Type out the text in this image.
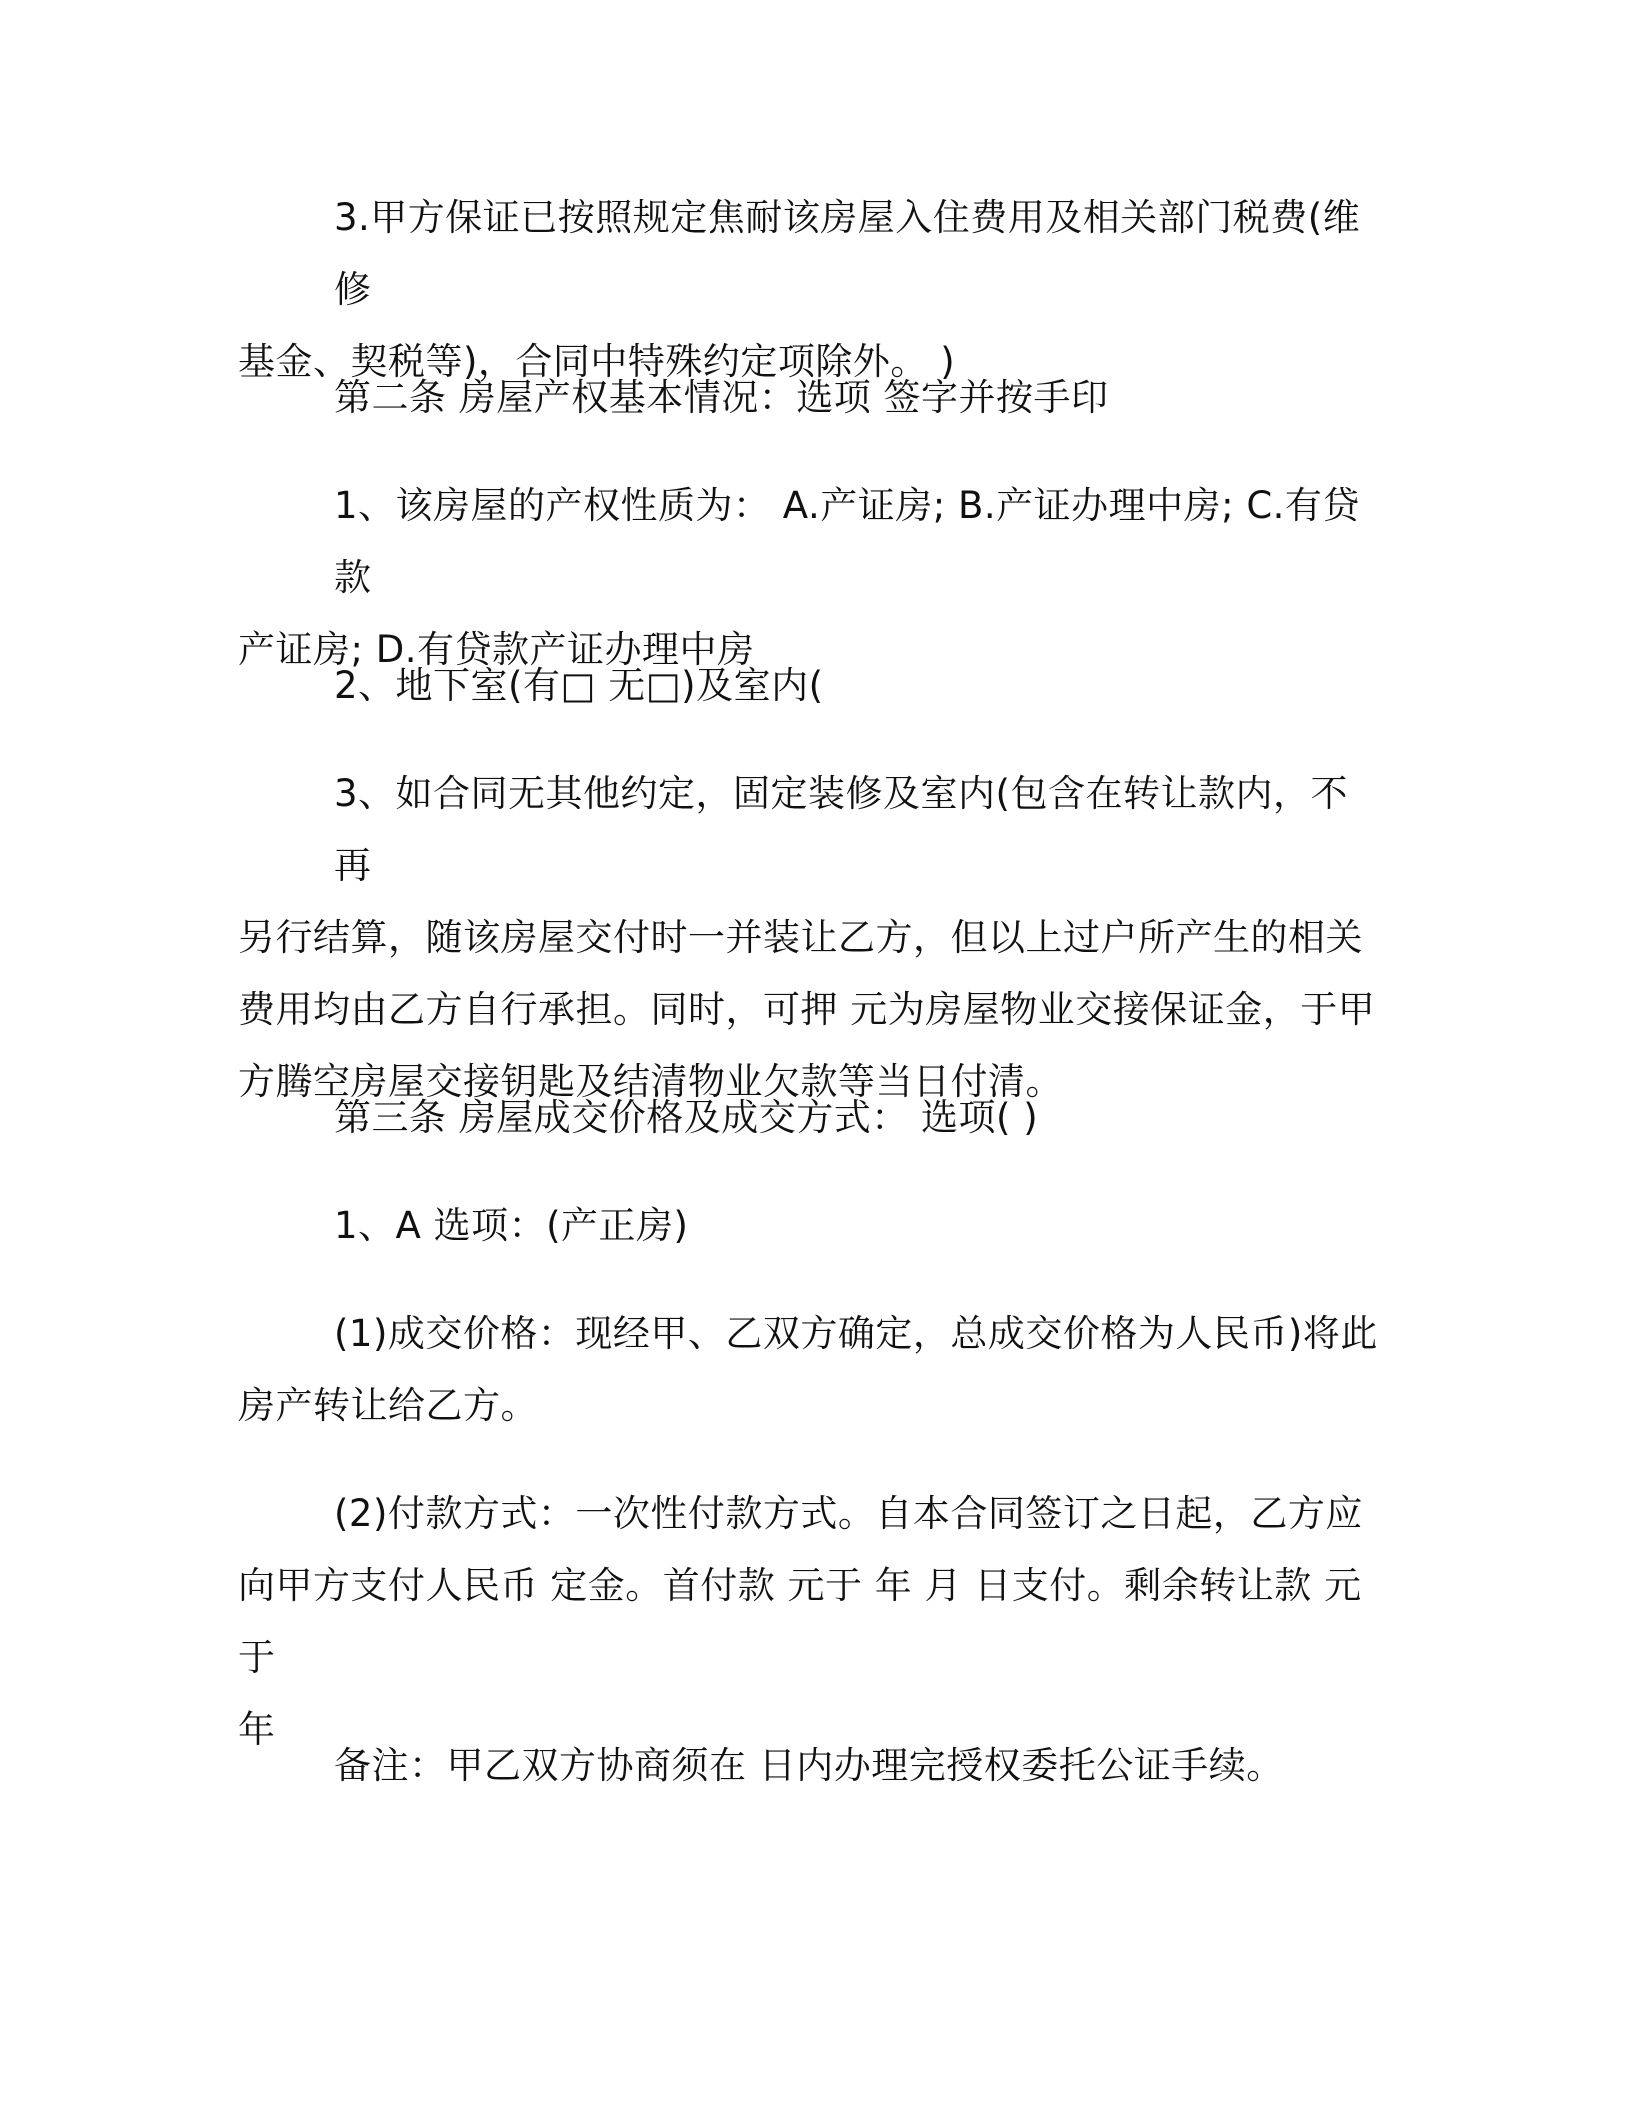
3.甲方保证已按照规定焦耐该房屋入住费用及相关部门税费(维修
基金、契税等)，合同中特殊约定项除外。 )
第二条 房屋产权基本情况：选项 签字并按手印
1、该房屋的产权性质为： A.产证房; B.产证办理中房; C.有贷款
产证房; D.有贷款产证办理中房
2、地下室(有□ 无□)及室内(
3、如合同无其他约定，固定装修及室内(包含在转让款内，不再
另行结算，随该房屋交付时一并装让乙方，但以上过户所产生的相关
费用均由乙方自行承担。同时，可押 元为房屋物业交接保证金，于甲
方腾空房屋交接钥匙及结清物业欠款等当日付清。
第三条 房屋成交价格及成交方式： 选项( )
1、A 选项：(产正房)
(1)成交价格：现经甲、乙双方确定，总成交价格为人民币)将此
房产转让给乙方。
(2)付款方式：一次性付款方式。自本合同签订之日起，乙方应
向甲方支付人民币 定金。首付款 元于 年 月 日支付。剩余转让款 元于
年
备注：甲乙双方协商须在 日内办理完授权委托公证手续。
